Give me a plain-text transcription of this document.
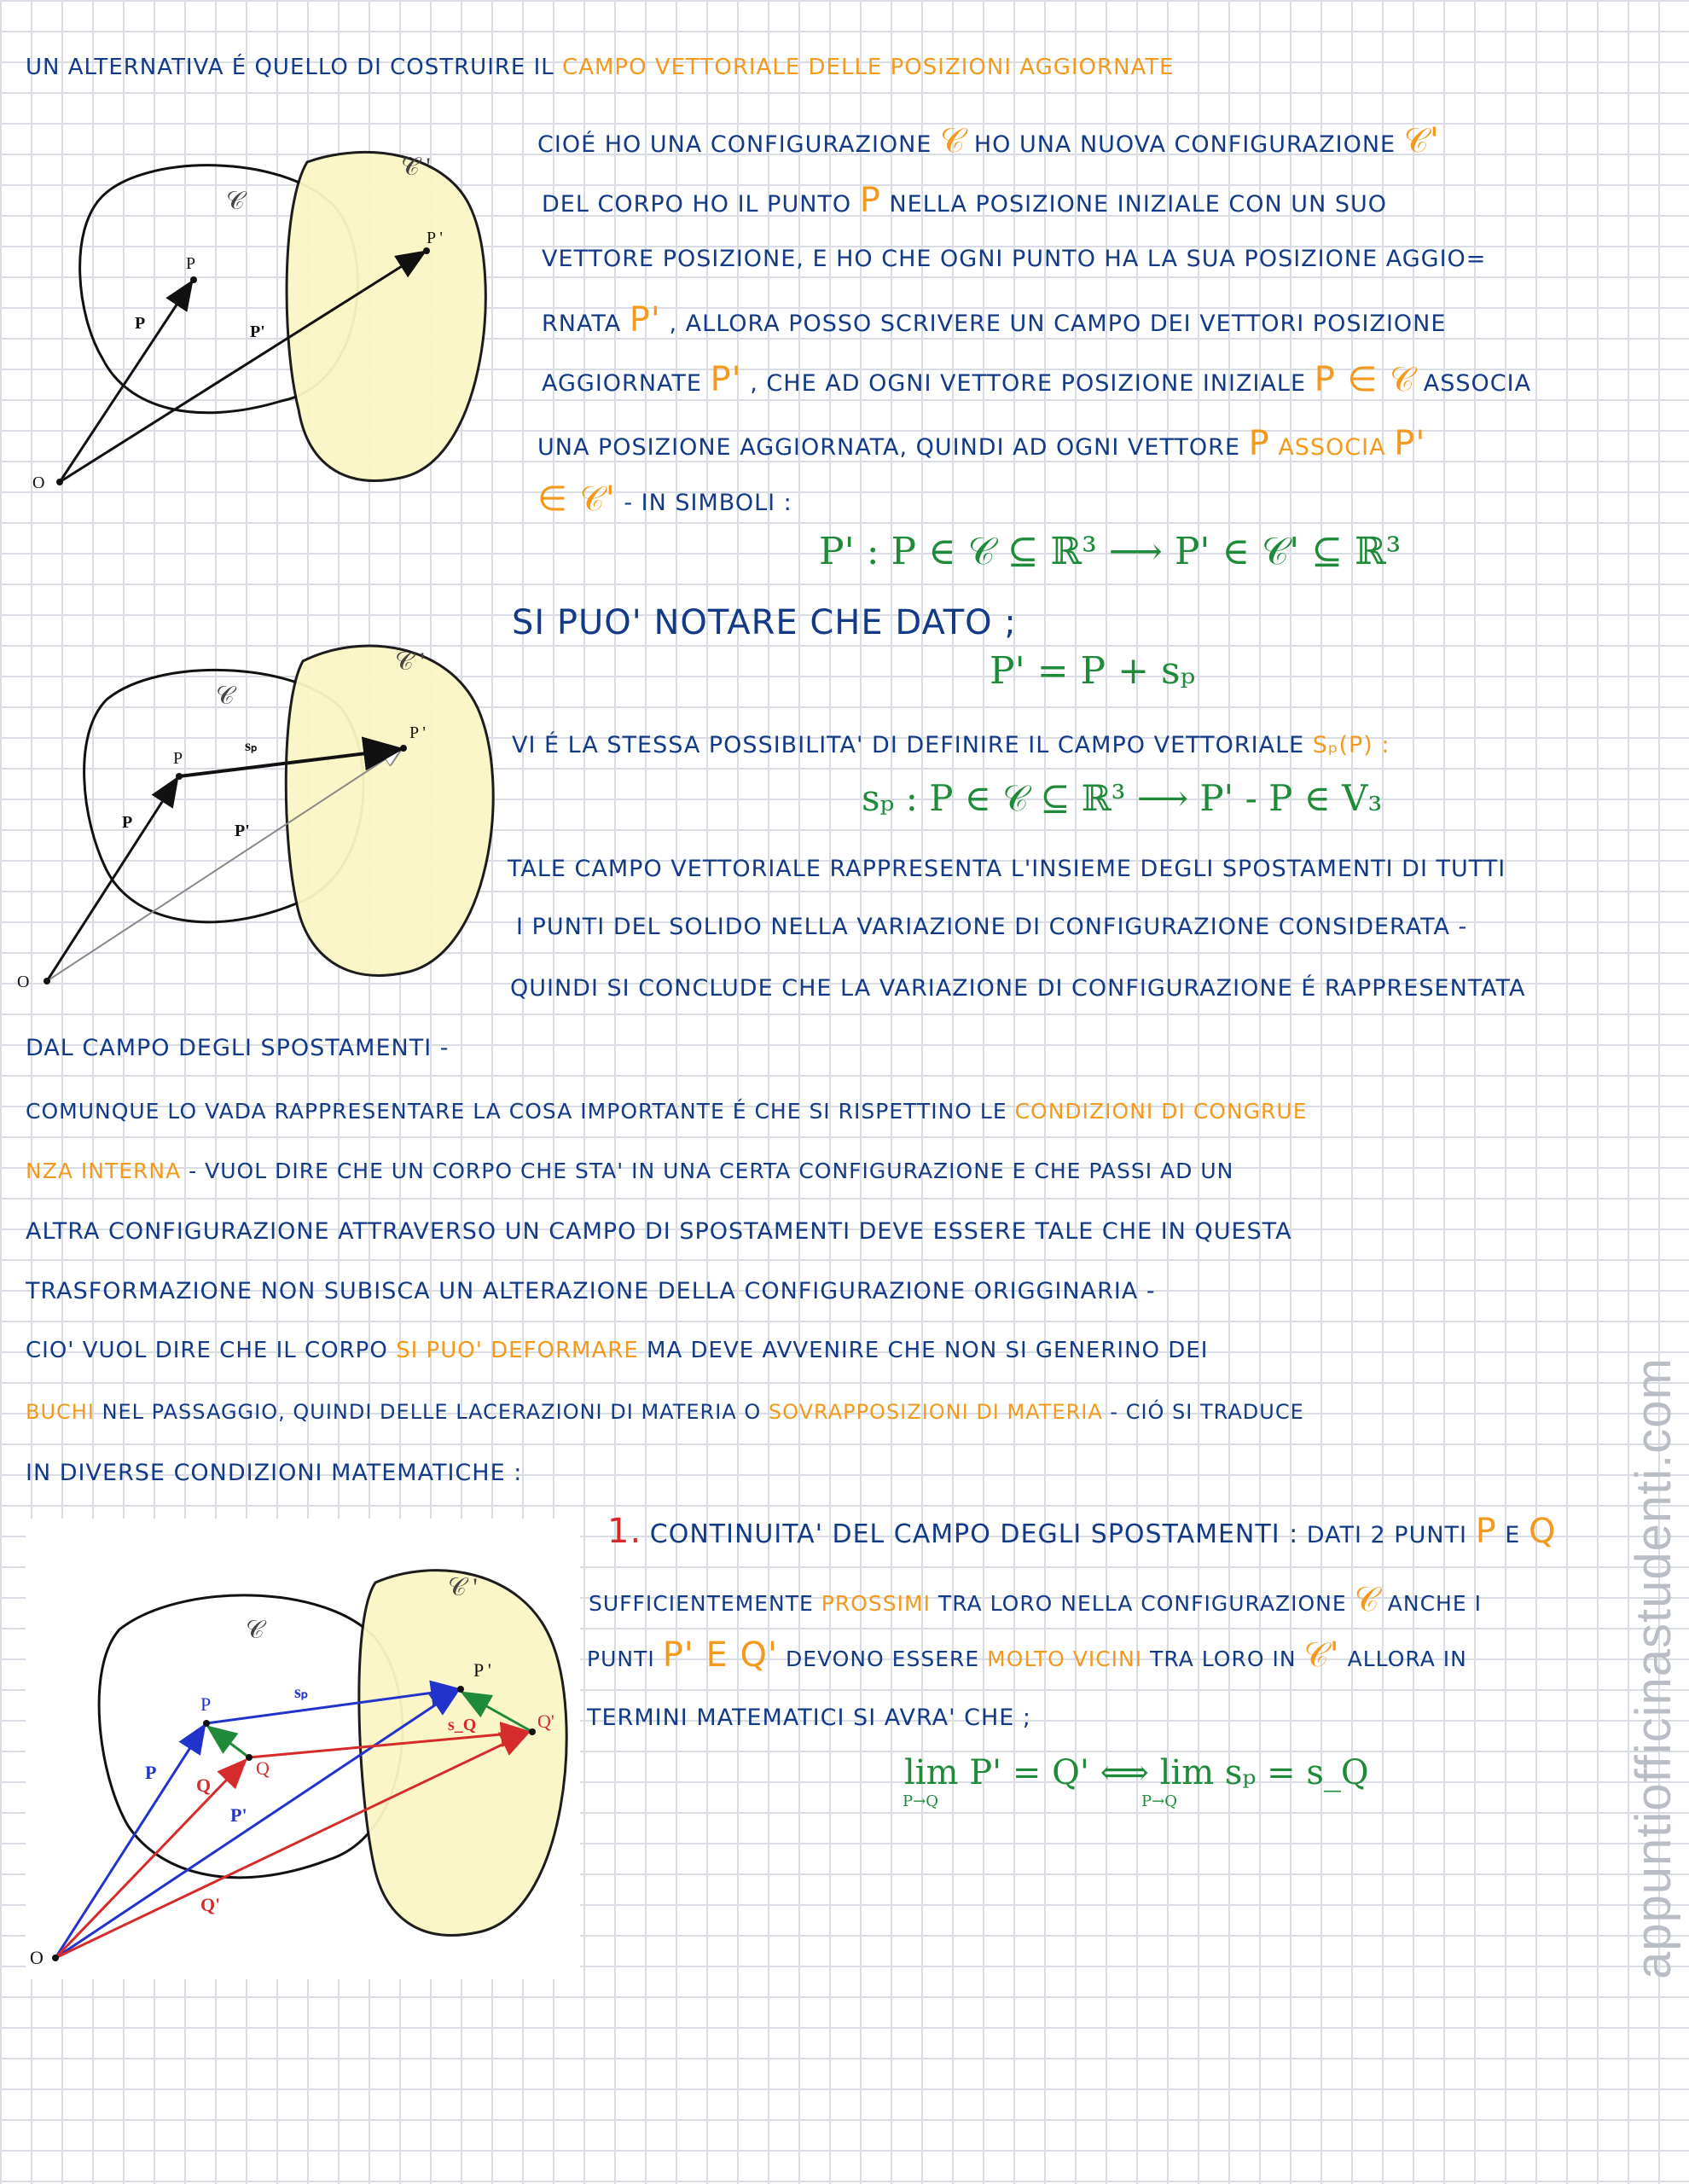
UN ALTERNATIVA É QUELLO DI COSTRUIRE IL CAMPO VETTORIALE DELLE POSIZIONI AGGIORNATE
𝒞
𝒞 '
P
P '
P	P'
O
CIOÉ HO UNA CONFIGURAZIONE 𝒞 HO UNA NUOVA CONFIGURAZIONE 𝒞'
DEL CORPO HO IL PUNTO P NELLA POSIZIONE INIZIALE CON UN SUO
VETTORE POSIZIONE, E HO CHE OGNI PUNTO HA LA SUA POSIZIONE AGGIO=
RNATA P' , ALLORA POSSO SCRIVERE UN CAMPO DEI VETTORI POSIZIONE
AGGIORNATE P' , CHE AD OGNI VETTORE POSIZIONE INIZIALE P ∈ 𝒞 ASSOCIA
UNA POSIZIONE AGGIORNATA, QUINDI AD OGNI VETTORE P ASSOCIA P'
∈ 𝒞' - IN SIMBOLI :
P' : P ∈ 𝒞 ⊆ ℝ³ ⟶ P' ∈ 𝒞' ⊆ ℝ³
𝒞
𝒞 '
P
P '
sₚ
P	P'
O
SI PUO' NOTARE CHE DATO ;
P' = P + sₚ
VI É LA STESSA POSSIBILITA' DI DEFINIRE IL CAMPO VETTORIALE Sₚ(P) :
sₚ : P ∈ 𝒞 ⊆ ℝ³ ⟶ P' - P ∈ V₃
TALE CAMPO VETTORIALE RAPPRESENTA L'INSIEME DEGLI SPOSTAMENTI DI TUTTI
I PUNTI DEL SOLIDO NELLA VARIAZIONE DI CONFIGURAZIONE CONSIDERATA -
QUINDI SI CONCLUDE CHE LA VARIAZIONE DI CONFIGURAZIONE É RAPPRESENTATA
DAL CAMPO DEGLI SPOSTAMENTI -
COMUNQUE LO VADA RAPPRESENTARE LA COSA IMPORTANTE É CHE SI RISPETTINO LE CONDIZIONI DI CONGRUE
NZA INTERNA - VUOL DIRE CHE UN CORPO CHE STA' IN UNA CERTA CONFIGURAZIONE E CHE PASSI AD UN
ALTRA CONFIGURAZIONE ATTRAVERSO UN CAMPO DI SPOSTAMENTI DEVE ESSERE TALE CHE IN QUESTA
TRASFORMAZIONE NON SUBISCA UN ALTERAZIONE DELLA CONFIGURAZIONE ORIGGINARIA -
CIO' VUOL DIRE CHE IL CORPO SI PUO' DEFORMARE MA DEVE AVVENIRE CHE NON SI GENERINO DEI
BUCHI NEL PASSAGGIO, QUINDI DELLE LACERAZIONI DI MATERIA O SOVRAPPOSIZIONI DI MATERIA - CIÓ SI TRADUCE
IN DIVERSE CONDIZIONI MATEMATICHE :
𝒞
𝒞 '
P
Q
P '
Q'
sₚ
s_Q
P
Q
P'
Q'
O
1. CONTINUITA' DEL CAMPO DEGLI SPOSTAMENTI : DATI 2 PUNTI P E Q
SUFFICIENTEMENTE PROSSIMI TRA LORO NELLA CONFIGURAZIONE 𝒞 ANCHE I
PUNTI P' E Q' DEVONO ESSERE MOLTO VICINI TRA LORO IN 𝒞' ALLORA IN
TERMINI MATEMATICI SI AVRA' CHE ;
lim P' = Q' ⟺ lim sₚ = s_Q
P→Q	P→Q	appuntiofficinastudenti.com
